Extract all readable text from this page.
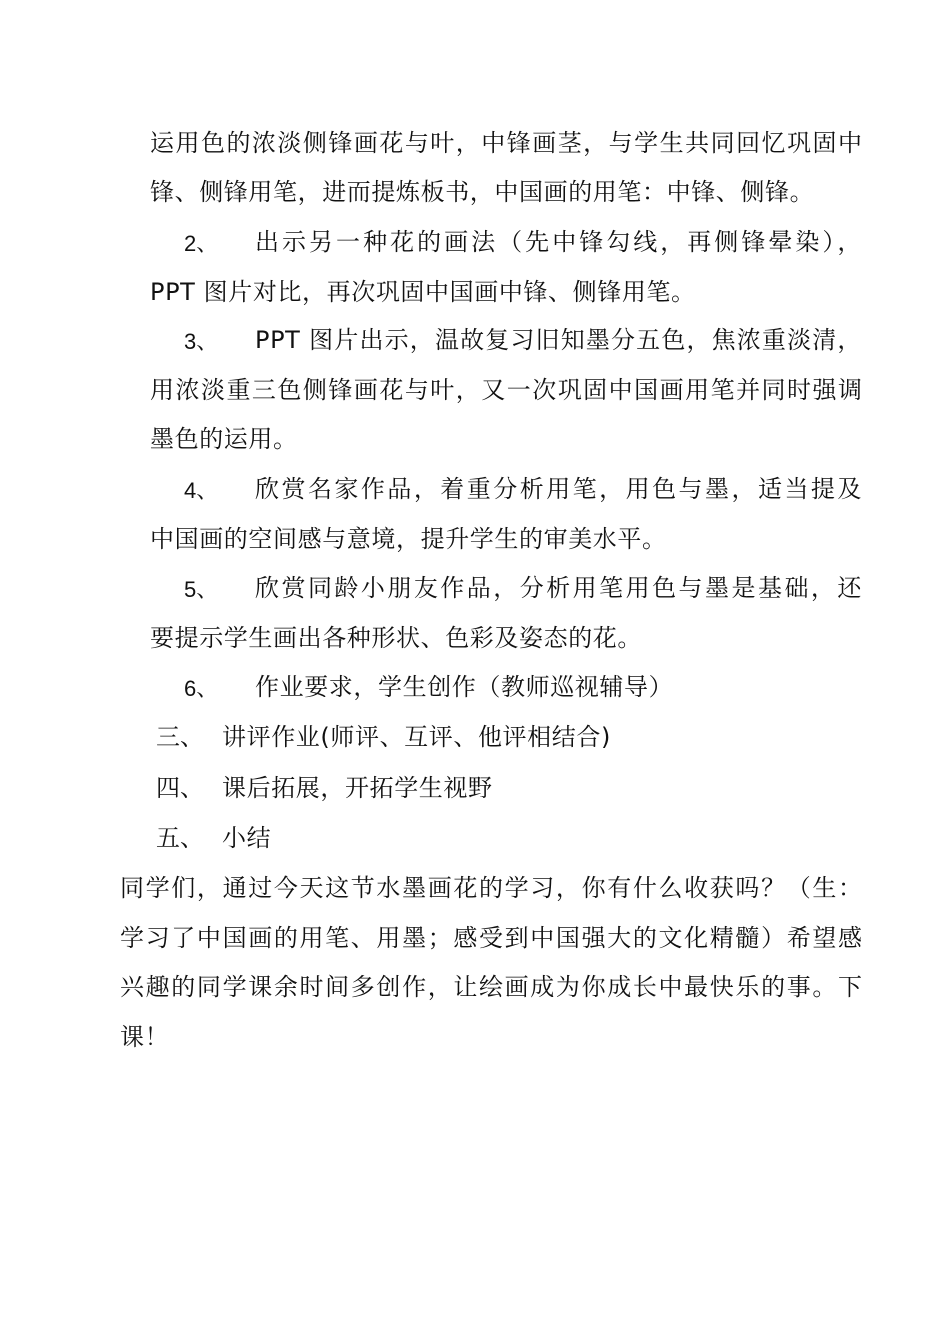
运用色的浓淡侧锋画花与叶，中锋画茎，与学生共同回忆巩固中
锋、侧锋用笔，进而提炼板书，中国画的用笔：中锋、侧锋。
2、 出示另一种花的画法（先中锋勾线，再侧锋晕染），
PPT 图片对比，再次巩固中国画中锋、侧锋用笔。
3、 PPT 图片出示，温故复习旧知墨分五色，焦浓重淡清，
用浓淡重三色侧锋画花与叶，又一次巩固中国画用笔并同时强调
墨色的运用。
4、 欣赏名家作品，着重分析用笔，用色与墨，适当提及
中国画的空间感与意境，提升学生的审美水平。
5、 欣赏同龄小朋友作品，分析用笔用色与墨是基础，还
要提示学生画出各种形状、色彩及姿态的花。
6、 作业要求，学生创作（教师巡视辅导）
三、 讲评作业(师评、互评、他评相结合)
四、 课后拓展，开拓学生视野
五、 小结
同学们，通过今天这节水墨画花的学习，你有什么收获吗？（生：
学习了中国画的用笔、用墨；感受到中国强大的文化精髓）希望感
兴趣的同学课余时间多创作，让绘画成为你成长中最快乐的事。下
课！
